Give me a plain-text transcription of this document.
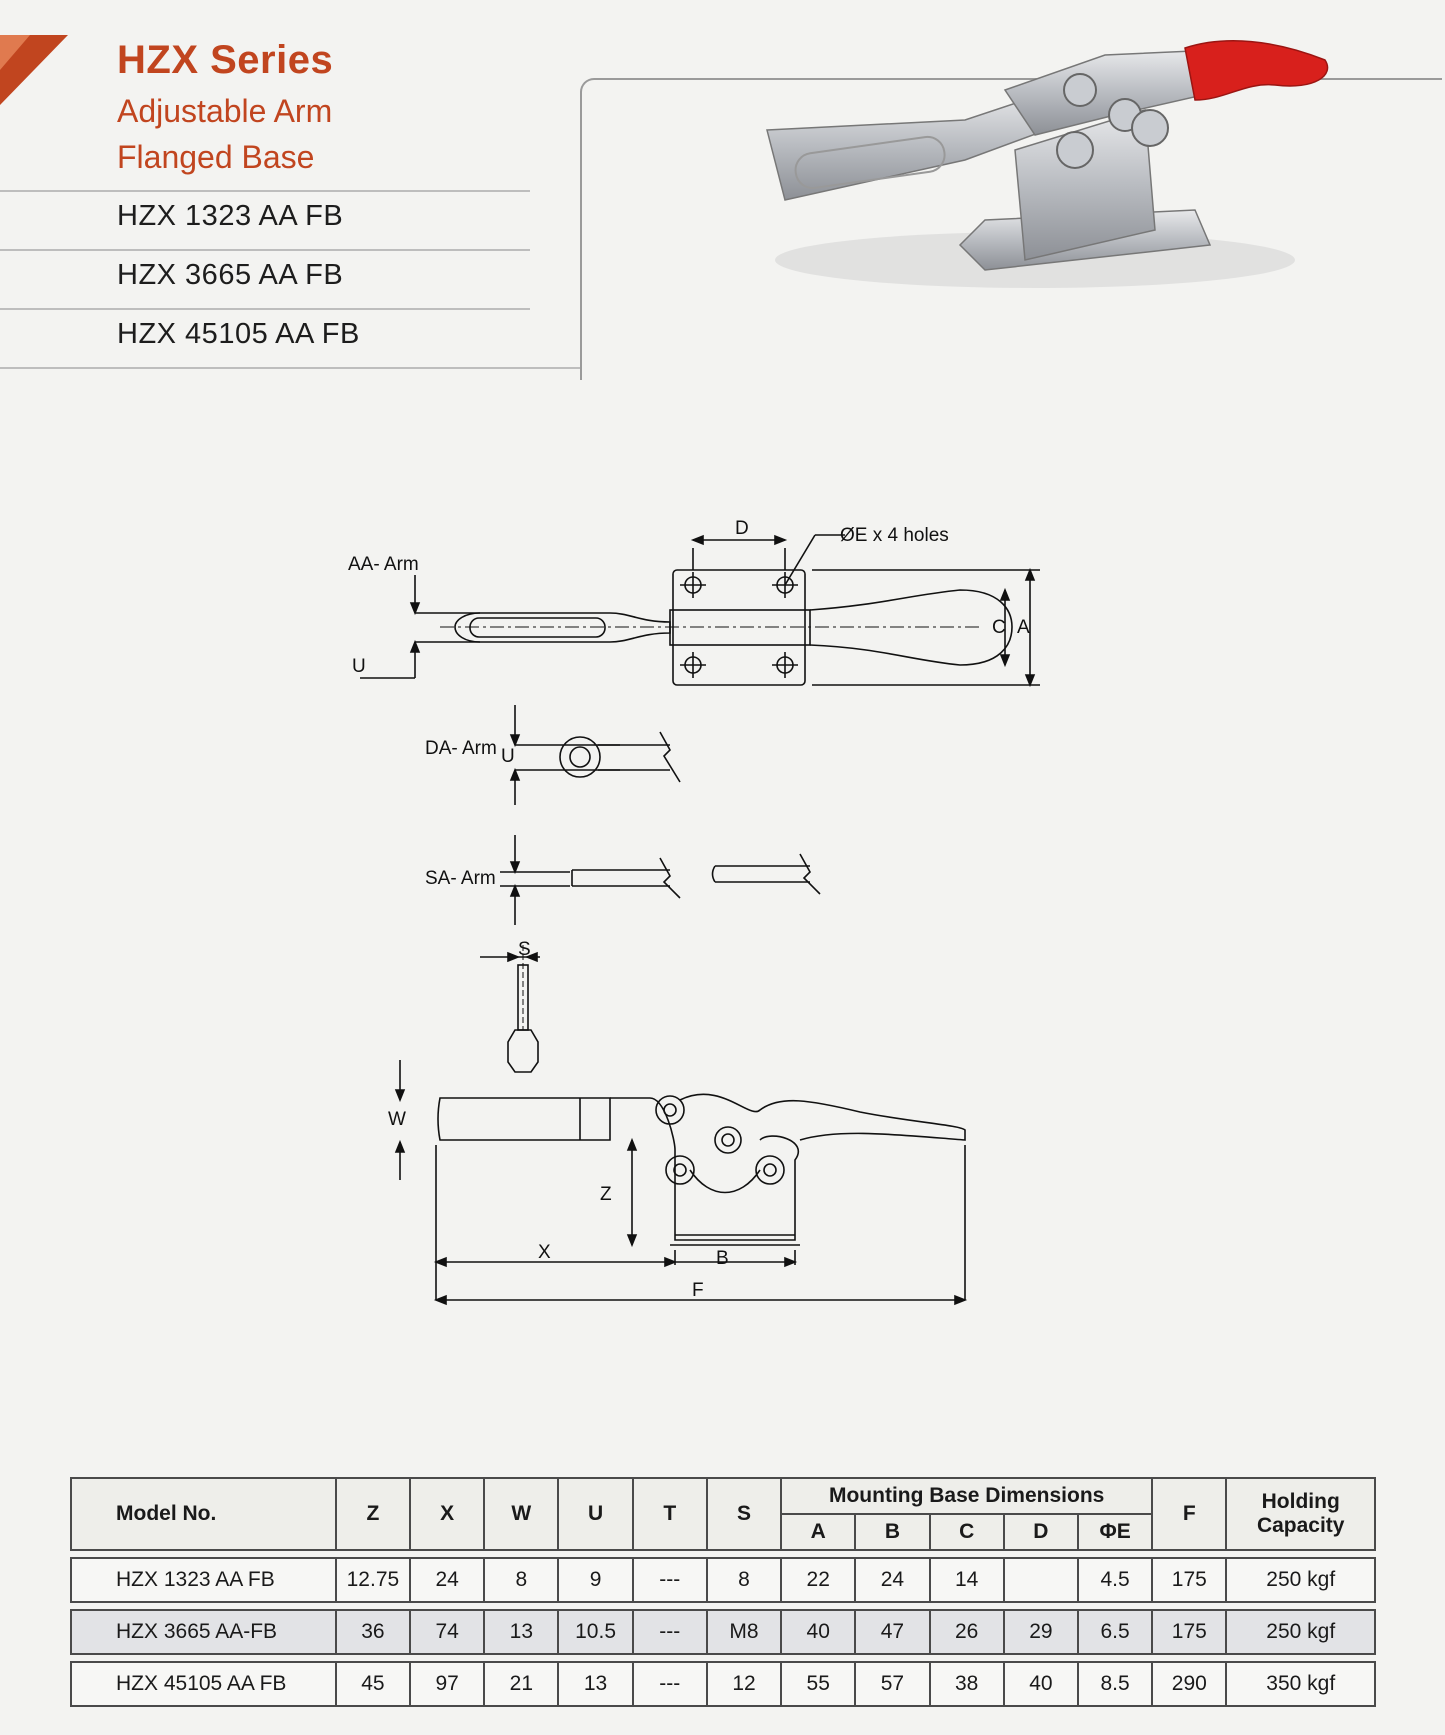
HZX Series
Adjustable Arm
Flanged Base
HZX 1323 AA FB
HZX 3665 AA FB
HZX 45105 AA FB
D	ØE x 4 holes
C A
AA- Arm
U
DA- Arm U
SA- Arm
S
W
Z
X	B
F
Model No.	Z	X	W	U	T	S	Mounting Base Dimensions					F	Holding
Capacity
							A	B	C	D	ΦE		

HZX 1323 AA FB	12.75	24	8	9	---	8	22	24	14		4.5	175	250 kgf

HZX 3665 AA-FB	36	74	13	10.5	---	M8	40	47	26	29	6.5	175	250 kgf

HZX 45105 AA FB	45	97	21	13	---	12	55	57	38	40	8.5	290	350 kgf
